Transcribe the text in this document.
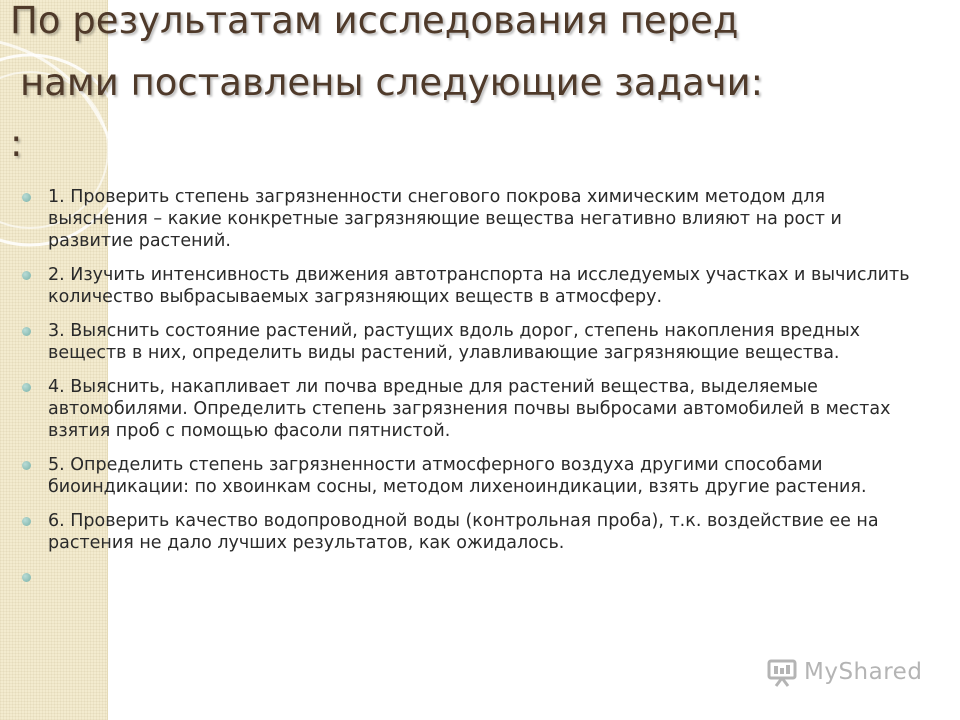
По результатам исследования перед
нами поставлены следующие задачи:
:
1. Проверить степень загрязненности снегового покрова химическим методом для выяснения – какие конкретные загрязняющие вещества негативно влияют на рост и развитие растений.
2. Изучить интенсивность движения автотранспорта на исследуемых участках и вычислить количество выбрасываемых загрязняющих веществ в атмосферу.
3. Выяснить состояние растений, растущих вдоль дорог, степень накопления вредных веществ в них, определить виды растений, улавливающие загрязняющие вещества.
4. Выяснить, накапливает ли почва вредные для растений вещества, выделяемые автомобилями. Определить степень загрязнения почвы выбросами автомобилей в местах взятия проб с помощью фасоли пятнистой.
5. Определить степень загрязненности атмосферного воздуха другими способами биоиндикации: по хвоинкам сосны, методом лихеноиндикации, взять другие растения.
6. Проверить качество водопроводной воды (контрольная проба), т.к. воздействие ее на растения не дало лучших результатов, как ожидалось.
MyShared
